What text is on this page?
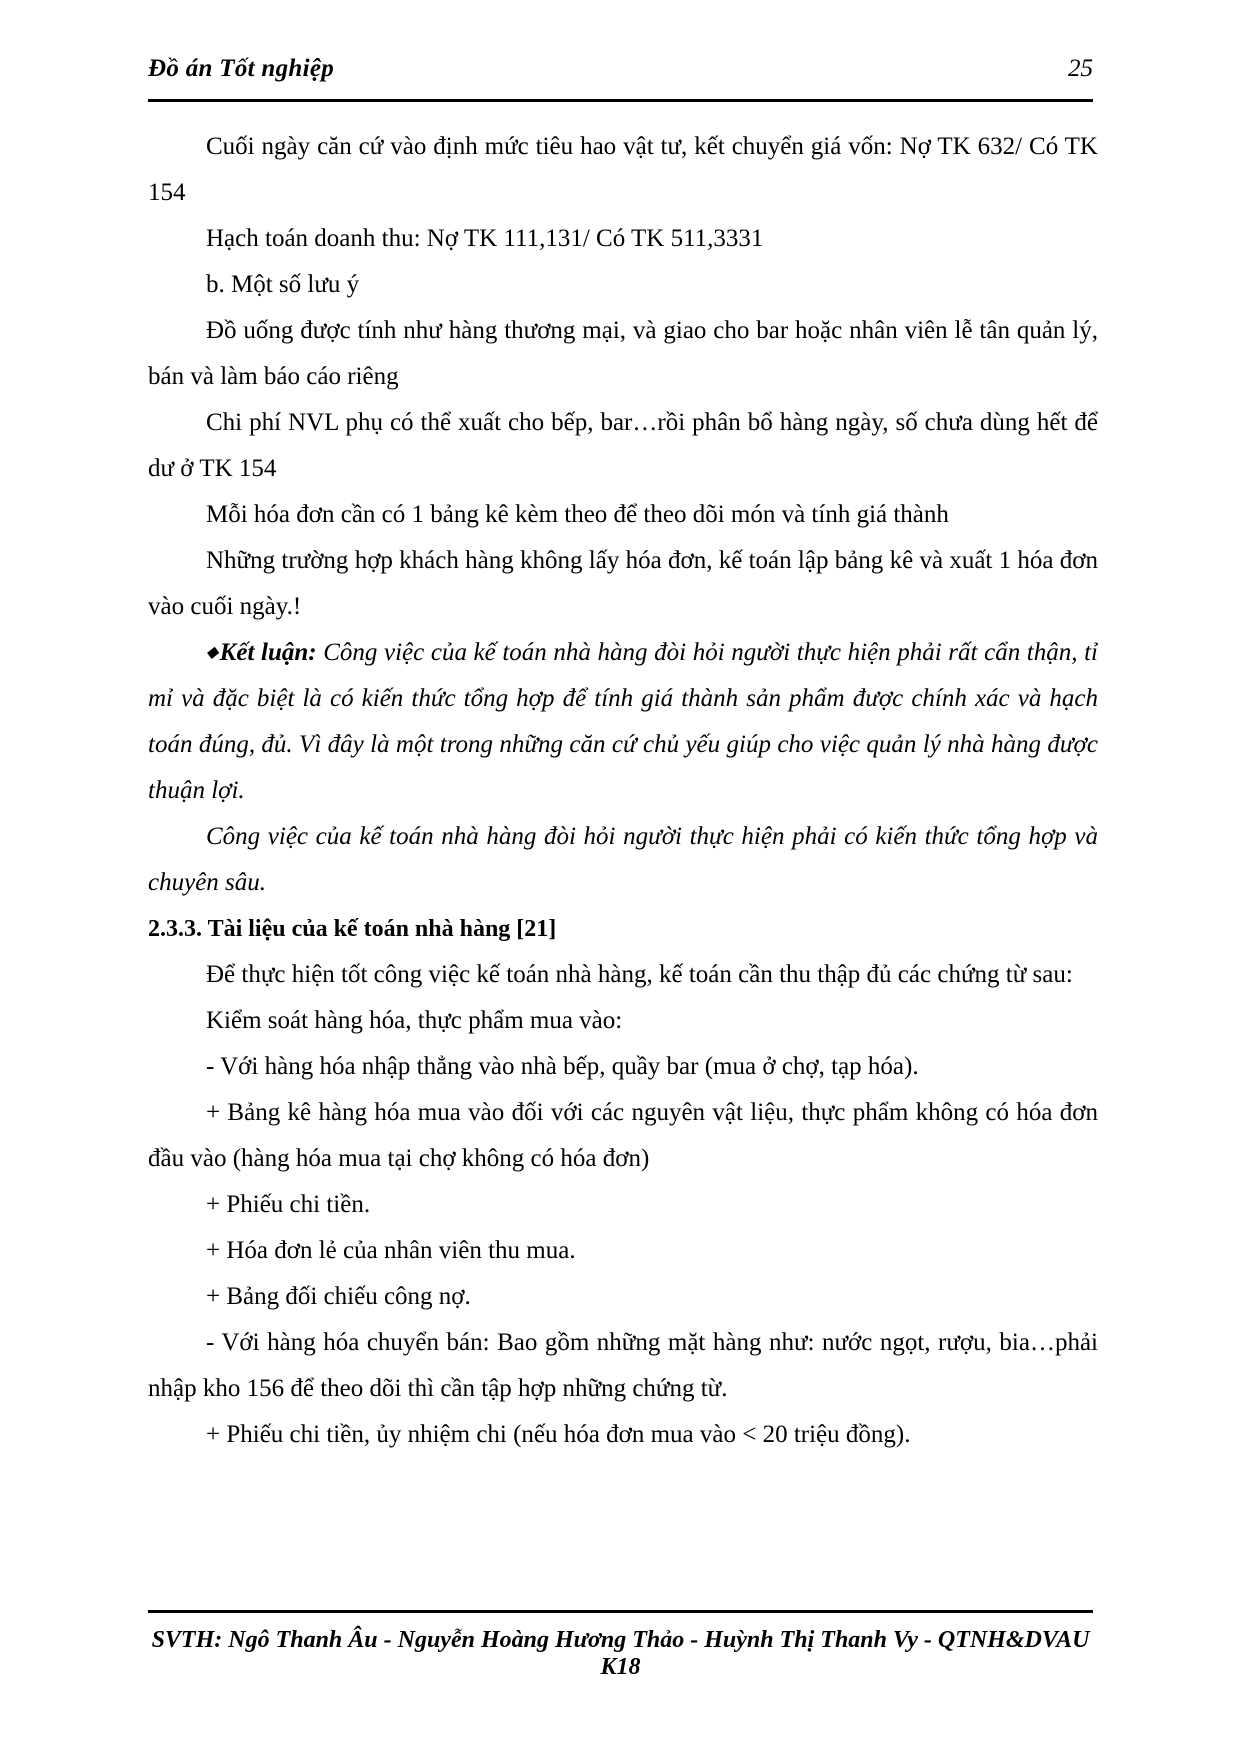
Đồ án Tốt nghiệp	25

Cuối ngày căn cứ vào định mức tiêu hao vật tư, kết chuyển giá vốn: Nợ TK 632/ Có TK 154

Hạch toán doanh thu: Nợ TK 111,131/ Có TK 511,3331

b. Một số lưu ý

Đồ uống được tính như hàng thương mại, và giao cho bar hoặc nhân viên lễ tân quản lý, bán và làm báo cáo riêng

Chi phí NVL phụ có thể xuất cho bếp, bar…rồi phân bổ hàng ngày, số chưa dùng hết để dư ở TK 154

Mỗi hóa đơn cần có 1 bảng kê kèm theo để theo dõi món và tính giá thành

Những trường hợp khách hàng không lấy hóa đơn, kế toán lập bảng kê và xuất 1 hóa đơn vào cuối ngày.!

◆Kết luận: Công việc của kế toán nhà hàng đòi hỏi người thực hiện phải rất cẩn thận, tỉ mỉ và đặc biệt là có kiến thức tổng hợp để tính giá thành sản phẩm được chính xác và hạch toán đúng, đủ. Vì đây là một trong những căn cứ chủ yếu giúp cho việc quản lý nhà hàng được thuận lợi.

Công việc của kế toán nhà hàng đòi hỏi người thực hiện phải có kiến thức tổng hợp và chuyên sâu.

2.3.3. Tài liệu của kế toán nhà hàng [21]

Để thực hiện tốt công việc kế toán nhà hàng, kế toán cần thu thập đủ các chứng từ sau:

Kiểm soát hàng hóa, thực phẩm mua vào:

- Với hàng hóa nhập thẳng vào nhà bếp, quầy bar (mua ở chợ, tạp hóa).

+ Bảng kê hàng hóa mua vào đối với các nguyên vật liệu, thực phẩm không có hóa đơn đầu vào (hàng hóa mua tại chợ không có hóa đơn)

+ Phiếu chi tiền.

+ Hóa đơn lẻ của nhân viên thu mua.

+ Bảng đối chiếu công nợ.

- Với hàng hóa chuyển bán: Bao gồm những mặt hàng như: nước ngọt, rượu, bia…phải nhập kho 156 để theo dõi thì cần tập hợp những chứng từ.

+ Phiếu chi tiền, ủy nhiệm chi (nếu hóa đơn mua vào < 20 triệu đồng).

SVTH: Ngô Thanh Âu - Nguyễn Hoàng Hương Thảo - Huỳnh Thị Thanh Vy - QTNH&DVAU K18
